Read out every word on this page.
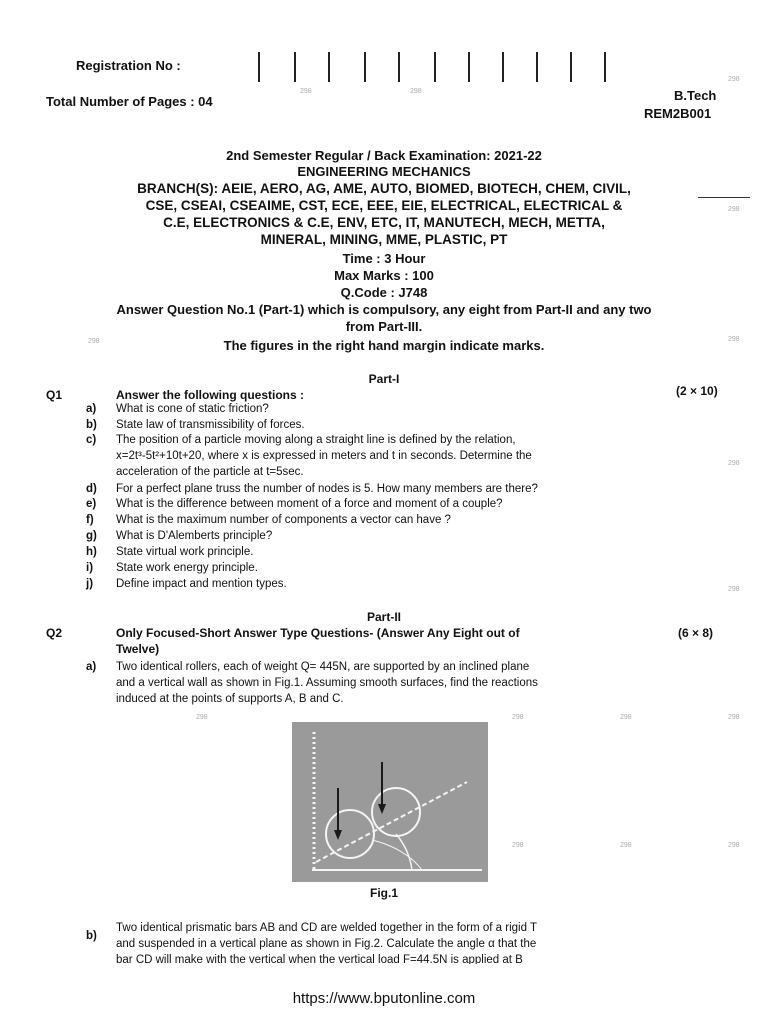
Registration No :
Total Number of Pages : 04	B.Tech
REM2B001
298	298
298
298
298	298
298
298
298	298	298	298
298	298	298
2nd Semester Regular / Back Examination: 2021-22
ENGINEERING MECHANICS
BRANCH(S): AEIE, AERO, AG, AME, AUTO, BIOMED, BIOTECH, CHEM, CIVIL,
CSE, CSEAI, CSEAIME, CST, ECE, EEE, EIE, ELECTRICAL, ELECTRICAL &
C.E, ELECTRONICS & C.E, ENV, ETC, IT, MANUTECH, MECH, METTA,
MINERAL, MINING, MME, PLASTIC, PT
Time : 3 Hour
Max Marks : 100
Q.Code : J748
Answer Question No.1 (Part-1) which is compulsory, any eight from Part-II and any two
from Part-III.
The figures in the right hand margin indicate marks.
Part-I
Q1	Answer the following questions :	(2 × 10)
a) What is cone of static friction?
b) State law of transmissibility of forces.
c) The position of a particle moving along a straight line is defined by the relation,
x=2t³-5t²+10t+20, where x is expressed in meters and t in seconds. Determine the
acceleration of the particle at t=5sec.
d) For a perfect plane truss the number of nodes is 5. How many members are there?
e) What is the difference between moment of a force and moment of a couple?
f) What is the maximum number of components a vector can have ?
g) What is D'Alemberts principle?
h) State virtual work principle.
i) State work energy principle.
j) Define impact and mention types.
Part-II
Q2	Only Focused-Short Answer Type Questions- (Answer Any Eight out of
Twelve)
(6 × 8)
a) Two identical rollers, each of weight Q= 445N, are supported by an inclined plane
and a vertical wall as shown in Fig.1. Assuming smooth surfaces, find the reactions
induced at the points of supports A, B and C.
Fig.1
b)
Two identical prismatic bars AB and CD are welded together in the form of a rigid T
and suspended in a vertical plane as shown in Fig.2. Calculate the angle α that the
bar CD will make with the vertical when the vertical load F=44.5N is applied at B
https://www.bputonline.com
